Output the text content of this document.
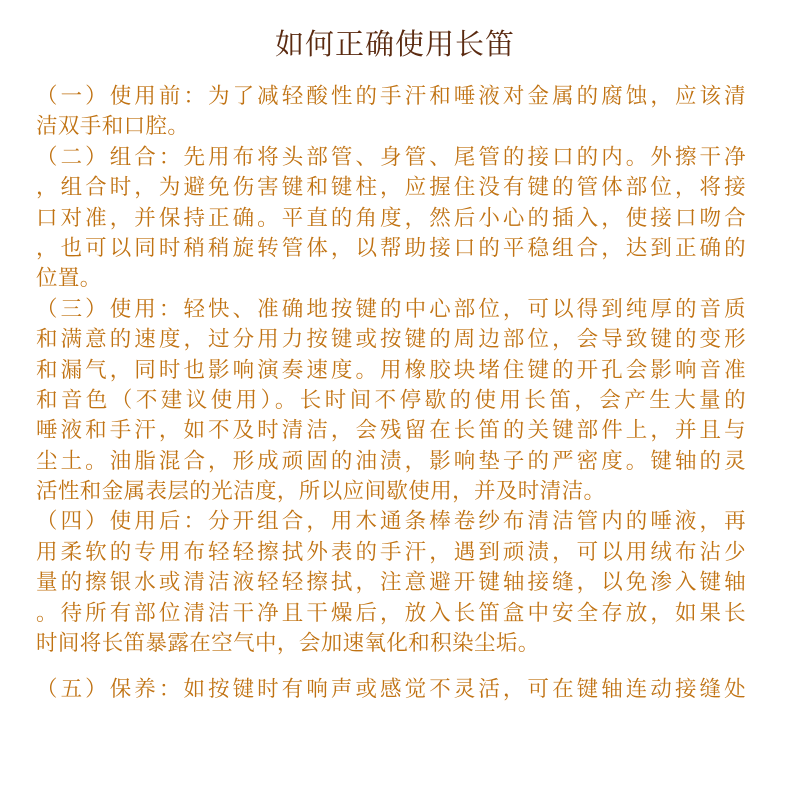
如何正确使用长笛
（一）使用前：为了减轻酸性的手汗和唾液对金属的腐蚀，应该清
洁双手和口腔。
（二）组合：先用布将头部管、身管、尾管的接口的内。外擦干净
，组合时，为避免伤害键和键柱，应握住没有键的管体部位，将接
口对准，并保持正确。平直的角度，然后小心的插入，使接口吻合
，也可以同时稍稍旋转管体，以帮助接口的平稳组合，达到正确的
位置。
（三）使用：轻快、准确地按键的中心部位，可以得到纯厚的音质
和满意的速度，过分用力按键或按键的周边部位，会导致键的变形
和漏气，同时也影响演奏速度。用橡胶块堵住键的开孔会影响音准
和音色（不建议使用）。长时间不停歇的使用长笛，会产生大量的
唾液和手汗，如不及时清洁，会残留在长笛的关键部件上，并且与
尘土。油脂混合，形成顽固的油渍，影响垫子的严密度。键轴的灵
活性和金属表层的光洁度，所以应间歇使用，并及时清洁。
（四）使用后：分开组合，用木通条棒卷纱布清洁管内的唾液，再
用柔软的专用布轻轻擦拭外表的手汗，遇到顽渍，可以用绒布沾少
量的擦银水或清洁液轻轻擦拭，注意避开键轴接缝，以免渗入键轴
。待所有部位清洁干净且干燥后，放入长笛盒中安全存放，如果长
时间将长笛暴露在空气中，会加速氧化和积染尘垢。
（五）保养：如按键时有响声或感觉不灵活，可在键轴连动接缝处
